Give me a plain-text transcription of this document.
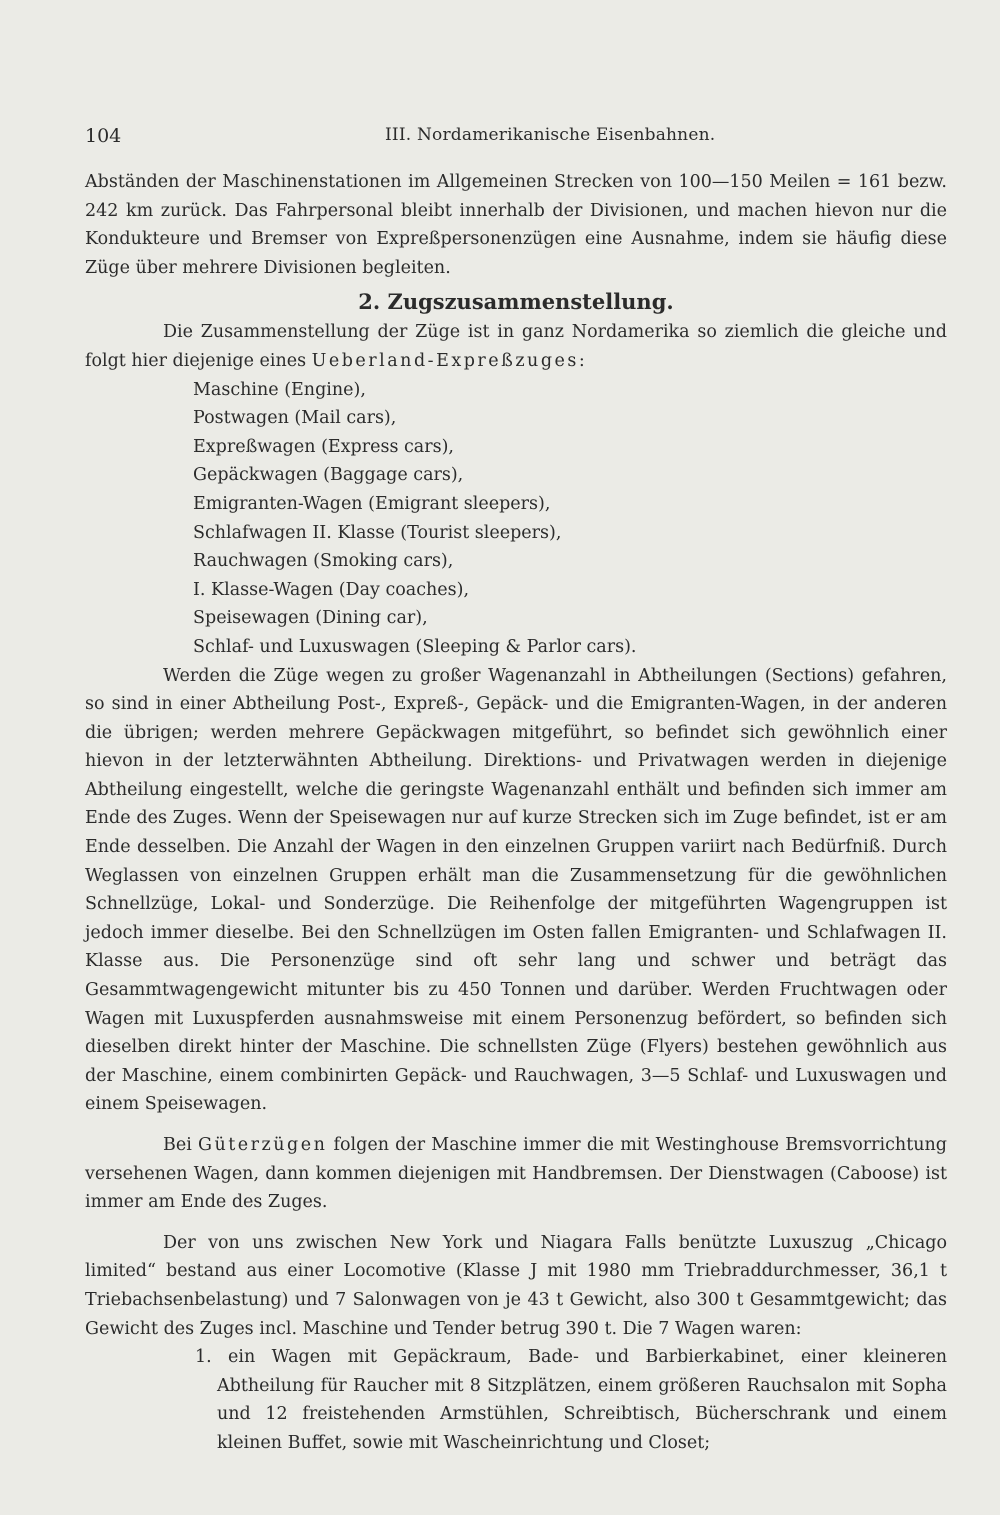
104	III. Nordamerikanische Eisenbahnen.

Abständen der Maschinenstationen im Allgemeinen Strecken von 100—150 Meilen = 161 bezw. 242 km zurück. Das Fahrpersonal bleibt innerhalb der Divisionen, und machen hievon nur die Kondukteure und Bremser von Expreßpersonenzügen eine Ausnahme, indem sie häufig diese Züge über mehrere Divisionen begleiten.

2. Zugszusammenstellung.

Die Zusammenstellung der Züge ist in ganz Nordamerika so ziemlich die gleiche und folgt hier diejenige eines Ueberland-Expreßzuges:

Maschine (Engine),
Postwagen (Mail cars),
Expreßwagen (Express cars),
Gepäckwagen (Baggage cars),
Emigranten-Wagen (Emigrant sleepers),
Schlafwagen II. Klasse (Tourist sleepers),
Rauchwagen (Smoking cars),
I. Klasse-Wagen (Day coaches),
Speisewagen (Dining car),
Schlaf- und Luxuswagen (Sleeping & Parlor cars).

Werden die Züge wegen zu großer Wagenanzahl in Abtheilungen (Sections) gefahren, so sind in einer Abtheilung Post-, Expreß-, Gepäck- und die Emigranten-Wagen, in der anderen die übrigen; werden mehrere Gepäckwagen mitgeführt, so befindet sich gewöhnlich einer hievon in der letzterwähnten Abtheilung. Direktions- und Privatwagen werden in diejenige Abtheilung eingestellt, welche die geringste Wagenanzahl enthält und befinden sich immer am Ende des Zuges. Wenn der Speisewagen nur auf kurze Strecken sich im Zuge befindet, ist er am Ende desselben. Die Anzahl der Wagen in den einzelnen Gruppen variirt nach Bedürfniß. Durch Weglassen von einzelnen Gruppen erhält man die Zusammensetzung für die gewöhnlichen Schnellzüge, Lokal- und Sonderzüge. Die Reihenfolge der mitgeführten Wagengruppen ist jedoch immer dieselbe. Bei den Schnellzügen im Osten fallen Emigranten- und Schlafwagen II. Klasse aus. Die Personenzüge sind oft sehr lang und schwer und beträgt das Gesammtwagengewicht mitunter bis zu 450 Tonnen und darüber. Werden Fruchtwagen oder Wagen mit Luxuspferden ausnahmsweise mit einem Personenzug befördert, so befinden sich dieselben direkt hinter der Maschine. Die schnellsten Züge (Flyers) bestehen gewöhnlich aus der Maschine, einem combinirten Gepäck- und Rauchwagen, 3—5 Schlaf- und Luxuswagen und einem Speisewagen.

Bei Güterzügen folgen der Maschine immer die mit Westinghouse Bremsvorrichtung versehenen Wagen, dann kommen diejenigen mit Handbremsen. Der Dienstwagen (Caboose) ist immer am Ende des Zuges.

Der von uns zwischen New York und Niagara Falls benützte Luxuszug „Chicago limited“ bestand aus einer Locomotive (Klasse J mit 1980 mm Triebraddurchmesser, 36,1 t Triebachsenbelastung) und 7 Salonwagen von je 43 t Gewicht, also 300 t Gesammtgewicht; das Gewicht des Zuges incl. Maschine und Tender betrug 390 t. Die 7 Wagen waren:

1. ein Wagen mit Gepäckraum, Bade- und Barbierkabinet, einer kleineren Abtheilung für Raucher mit 8 Sitzplätzen, einem größeren Rauchsalon mit Sopha und 12 freistehenden Armstühlen, Schreibtisch, Bücherschrank und einem kleinen Buffet, sowie mit Wascheinrichtung und Closet;
